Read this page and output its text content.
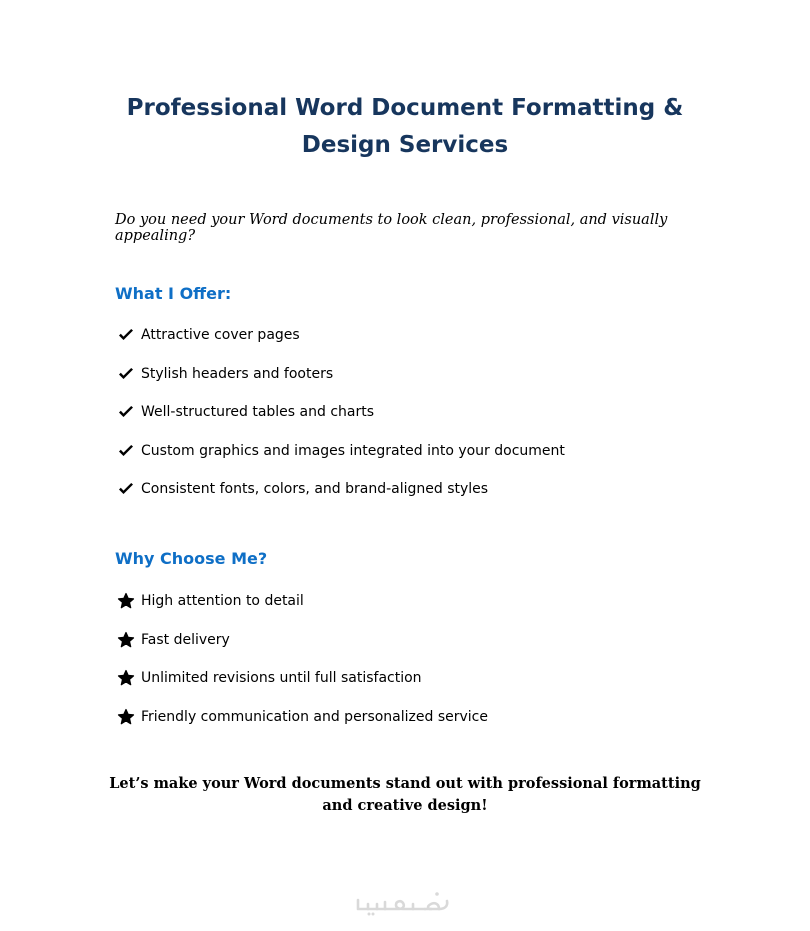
Professional Word Document Formatting & Design Services
Do you need your Word documents to look clean, professional, and visually appealing?
What I Offer:
Attractive cover pages
Stylish headers and footers
Well-structured tables and charts
Custom graphics and images integrated into your document
Consistent fonts, colors, and brand-aligned styles
Why Choose Me?
High attention to detail
Fast delivery
Unlimited revisions until full satisfaction
Friendly communication and personalized service
Let’s make your Word documents stand out with professional formatting and creative design!
